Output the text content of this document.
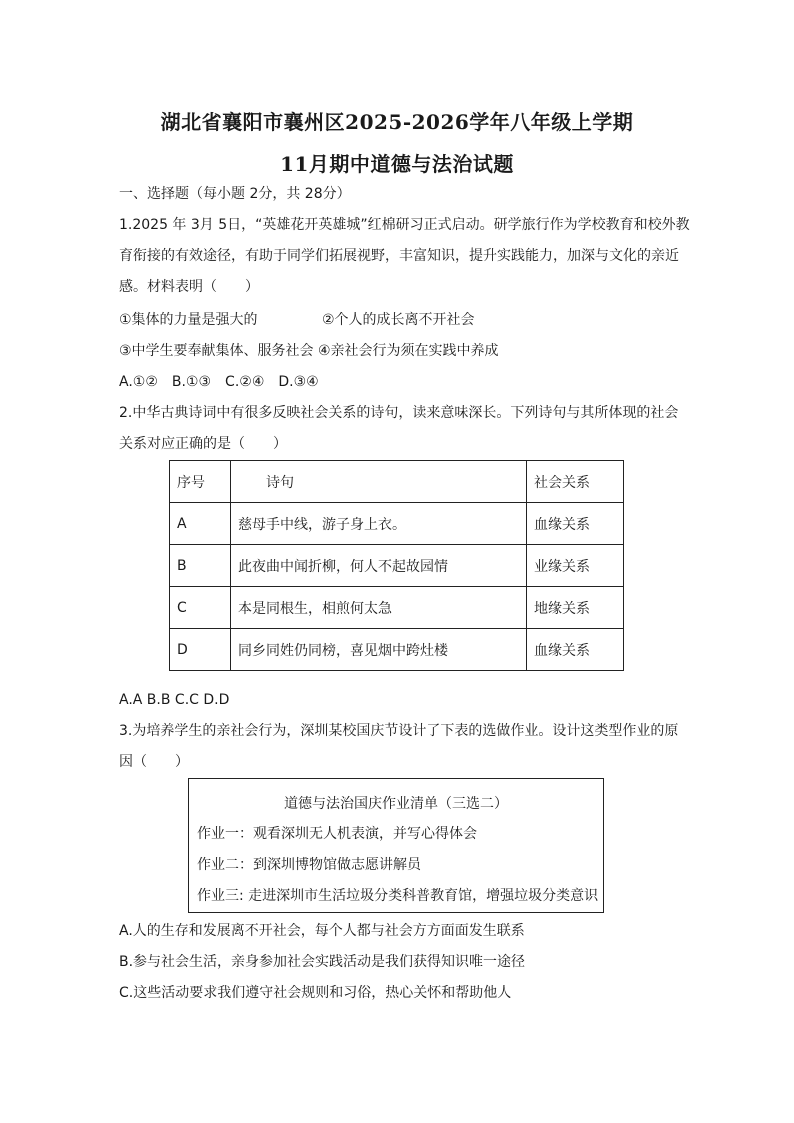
湖北省襄阳市襄州区2025-2026学年八年级上学期
11月期中道德与法治试题
一、选择题（每小题 2分，共 28分）
1.2025 年 3月 5日，“英雄花开英雄城”红棉研习正式启动。研学旅行作为学校教育和校外教
育衔接的有效途径，有助于同学们拓展视野，丰富知识，提升实践能力，加深与文化的亲近
感。材料表明（　　）
①集体的力量是强大的	②个人的成长离不开社会
③中学生要奉献集体、服务社会 ④亲社会行为须在实践中养成
A.①②　B.①③　C.②④　D.③④
2.中华古典诗词中有很多反映社会关系的诗句，读来意味深长。下列诗句与其所体现的社会
关系对应正确的是（　　）
序号	诗句	社会关系
A	慈母手中线，游子身上衣。	血缘关系
B	此夜曲中闻折柳，何人不起故园情	业缘关系
C	本是同根生，相煎何太急	地缘关系
D	同乡同姓仍同榜，喜见烟中跨灶楼	血缘关系
A.A B.B C.C D.D
3.为培养学生的亲社会行为，深圳某校国庆节设计了下表的选做作业。设计这类型作业的原
因（　　）
道德与法治国庆作业清单（三选二）
作业一：观看深圳无人机表演，并写心得体会
作业二：到深圳博物馆做志愿讲解员
作业三: 走进深圳市生活垃圾分类科普教育馆，增强垃圾分类意识
A.人的生存和发展离不开社会，每个人都与社会方方面面发生联系
B.参与社会生活，亲身参加社会实践活动是我们获得知识唯一途径
C.这些活动要求我们遵守社会规则和习俗，热心关怀和帮助他人
